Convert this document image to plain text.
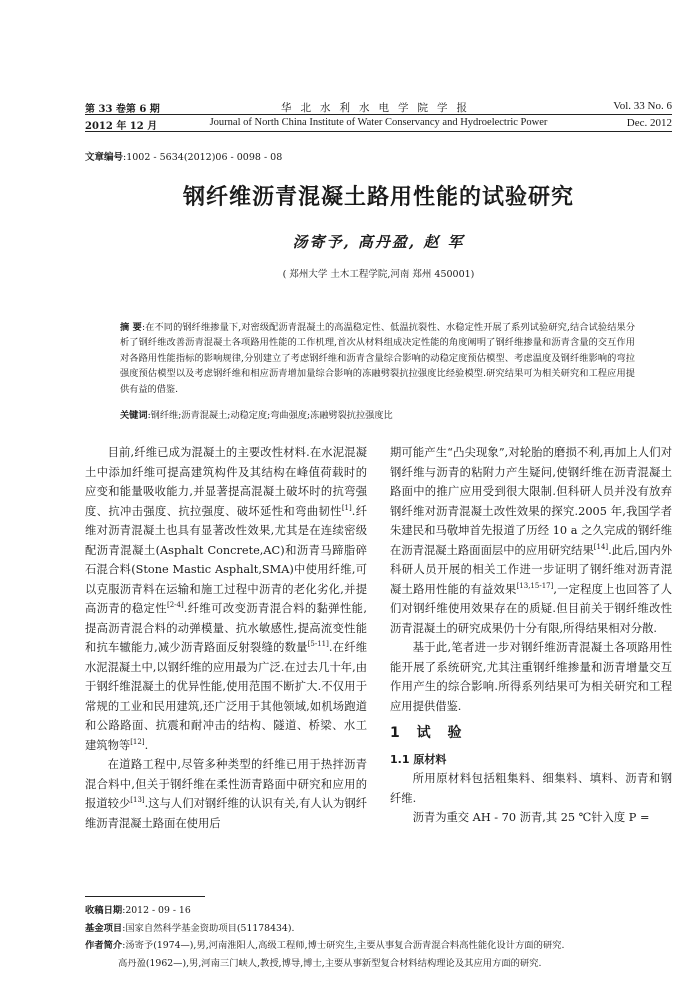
第 33 卷第 6 期	华北水利水电学院学报	Vol. 33 No. 6
2012 年 12 月	Journal of North China Institute of Water Conservancy and Hydroelectric Power	Dec. 2012
文章编号:1002 - 5634(2012)06 - 0098 - 08
钢纤维沥青混凝土路用性能的试验研究
汤寄予, 高丹盈, 赵 军
( 郑州大学 土木工程学院,河南 郑州 450001)
摘 要:在不同的钢纤维掺量下,对密级配沥青混凝土的高温稳定性、低温抗裂性、水稳定性开展了系列试验研究,结合试验结果分析了钢纤维改善沥青混凝土各项路用性能的工作机理,首次从材料组成决定性能的角度阐明了钢纤维掺量和沥青含量的交互作用对各路用性能指标的影响规律,分别建立了考虑钢纤维和沥青含量综合影响的动稳定度预估模型、考虑温度及钢纤维影响的弯拉强度预估模型以及考虑钢纤维和相应沥青增加量综合影响的冻融劈裂抗拉强度比经验模型.研究结果可为相关研究和工程应用提供有益的借鉴.
关键词:钢纤维;沥青混凝土;动稳定度;弯曲强度;冻融劈裂抗拉强度比

目前,纤维已成为混凝土的主要改性材料.在水泥混凝土中添加纤维可提高建筑构件及其结构在峰值荷载时的应变和能量吸收能力,并显著提高混凝土破坏时的抗弯强度、抗冲击强度、抗拉强度、破坏延性和弯曲韧性[1].纤维对沥青混凝土也具有显著改性效果,尤其是在连续密级配沥青混凝土(Asphalt Concrete,AC)和沥青马蹄脂碎石混合料(Stone Mastic Asphalt,SMA)中使用纤维,可以克服沥青料在运输和施工过程中沥青的老化劣化,并提高沥青的稳定性[2-4].纤维可改变沥青混合料的黏弹性能,提高沥青混合料的动弹模量、抗水敏感性,提高流变性能和抗车辙能力,减少沥青路面反射裂缝的数量[5-11].在纤维水泥混凝土中,以钢纤维的应用最为广泛.在过去几十年,由于钢纤维混凝土的优异性能,使用范围不断扩大.不仅用于常规的工业和民用建筑,还广泛用于其他领域,如机场跑道和公路路面、抗震和耐冲击的结构、隧道、桥梁、水工建筑物等[12].

在道路工程中,尽管多种类型的纤维已用于热拌沥青混合料中,但关于钢纤维在柔性沥青路面中研究和应用的报道较少[13].这与人们对钢纤维的认识有关,有人认为钢纤维沥青混凝土路面在使用后

期可能产生“凸尖现象”,对轮胎的磨损不利,再加上人们对钢纤维与沥青的粘附力产生疑问,使钢纤维在沥青混凝土路面中的推广应用受到很大限制.但科研人员并没有放弃钢纤维对沥青混凝土改性效果的探究.2005 年,我国学者朱建民和马敬坤首先报道了历经 10 a 之久完成的钢纤维在沥青混凝土路面面层中的应用研究结果[14].此后,国内外科研人员开展的相关工作进一步证明了钢纤维对沥青混凝土路用性能的有益效果[13,15-17],一定程度上也回答了人们对钢纤维使用效果存在的质疑.但目前关于钢纤维改性沥青混凝土的研究成果仍十分有限,所得结果相对分散.

基于此,笔者进一步对钢纤维沥青混凝土各项路用性能开展了系统研究,尤其注重钢纤维掺量和沥青增量交互作用产生的综合影响.所得系列结果可为相关研究和工程应用提供借鉴.

1 试 验

1.1 原材料

所用原材料包括粗集料、细集料、填料、沥青和钢纤维.

沥青为重交 AH - 70 沥青,其 25 ℃针入度 P =

收稿日期:2012 - 09 - 16
基金项目:国家自然科学基金资助项目(51178434).
作者简介:汤寄予(1974—),男,河南淮阳人,高级工程师,博士研究生,主要从事复合沥青混合料高性能化设计方面的研究.
高丹盈(1962—),男,河南三门峡人,教授,博导,博士,主要从事新型复合材料结构理论及其应用方面的研究.
